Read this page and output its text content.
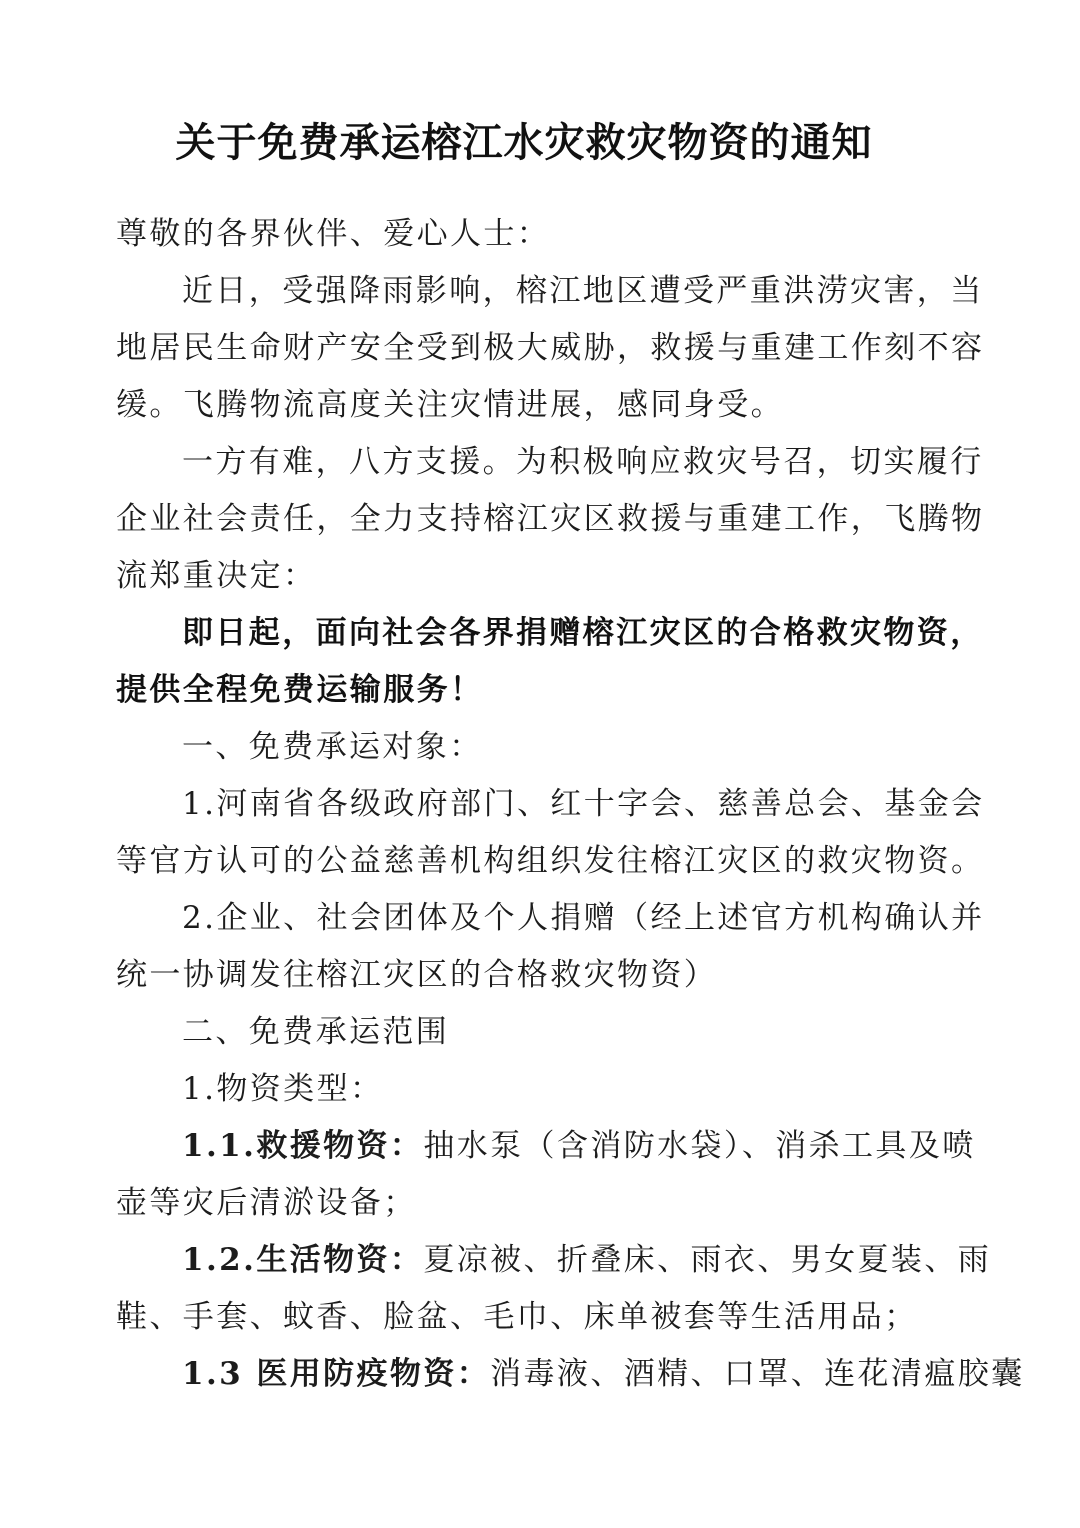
关于免费承运榕江水灾救灾物资的通知
尊敬的各界伙伴、爱心人士：
近日，受强降雨影响，榕江地区遭受严重洪涝灾害，当
地居民生命财产安全受到极大威胁，救援与重建工作刻不容
缓。飞腾物流高度关注灾情进展，感同身受。
一方有难，八方支援。为积极响应救灾号召，切实履行
企业社会责任，全力支持榕江灾区救援与重建工作，飞腾物
流郑重决定：
即日起，面向社会各界捐赠榕江灾区的合格救灾物资，
提供全程免费运输服务！
一、免费承运对象：
1.河南省各级政府部门、红十字会、慈善总会、基金会
等官方认可的公益慈善机构组织发往榕江灾区的救灾物资。
2.企业、社会团体及个人捐赠（经上述官方机构确认并
统一协调发往榕江灾区的合格救灾物资）
二、免费承运范围
1.物资类型：
1.1.救援物资：抽水泵（含消防水袋）、消杀工具及喷
壶等灾后清淤设备；
1.2.生活物资：夏凉被、折叠床、雨衣、男女夏装、雨
鞋、手套、蚊香、脸盆、毛巾、床单被套等生活用品；
1.3 医用防疫物资：消毒液、酒精、口罩、连花清瘟胶囊
